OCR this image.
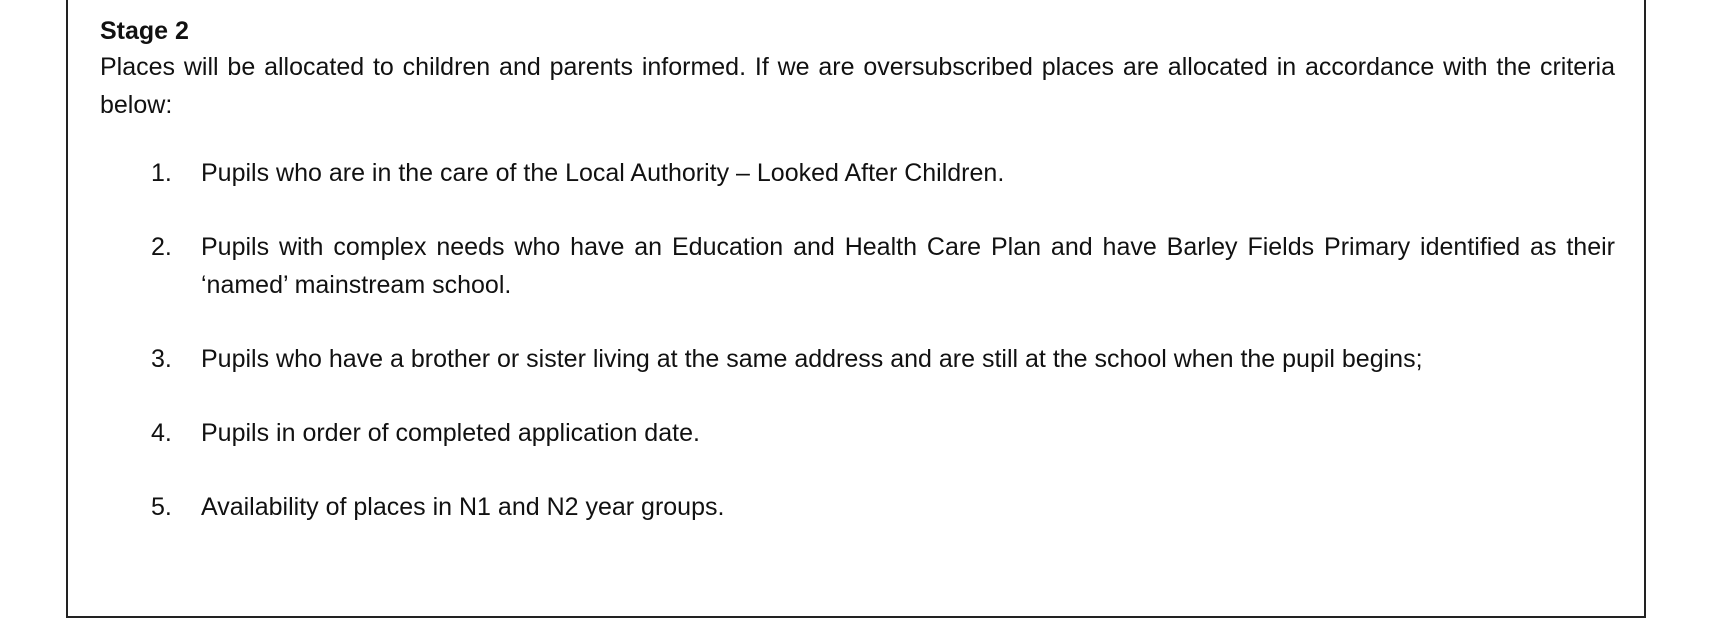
Stage 2

Places will be allocated to children and parents informed. If we are oversubscribed places are allocated in accordance with the criteria below:

1. Pupils who are in the care of the Local Authority – Looked After Children.
2. Pupils with complex needs who have an Education and Health Care Plan and have Barley Fields Primary identified as their ‘named’ mainstream school.
3. Pupils who have a brother or sister living at the same address and are still at the school when the pupil begins;
4. Pupils in order of completed application date.
5. Availability of places in N1 and N2 year groups.
